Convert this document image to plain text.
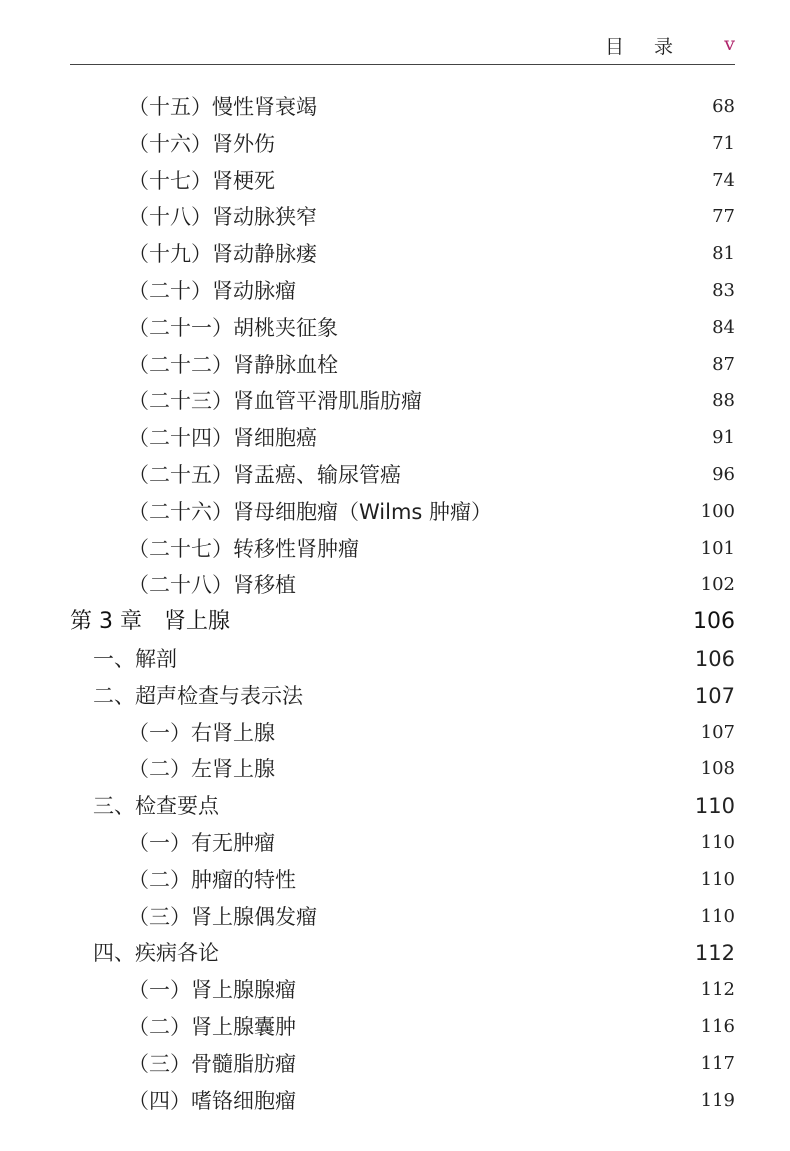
目 录 v
（十五）慢性肾衰竭	68
（十六）肾外伤	71
（十七）肾梗死	74
（十八）肾动脉狭窄	77
（十九）肾动静脉瘘	81
（二十）肾动脉瘤	83
（二十一）胡桃夹征象	84
（二十二）肾静脉血栓	87
（二十三）肾血管平滑肌脂肪瘤	88
（二十四）肾细胞癌	91
（二十五）肾盂癌、输尿管癌	96
（二十六）肾母细胞瘤（Wilms 肿瘤）	100
（二十七）转移性肾肿瘤	101
（二十八）肾移植	102
第 3 章　肾上腺	106
一、解剖	106
二、超声检查与表示法	107
（一）右肾上腺	107
（二）左肾上腺	108
三、检查要点	110
（一）有无肿瘤	110
（二）肿瘤的特性	110
（三）肾上腺偶发瘤	110
四、疾病各论	112
（一）肾上腺腺瘤	112
（二）肾上腺囊肿	116
（三）骨髓脂肪瘤	117
（四）嗜铬细胞瘤	119
